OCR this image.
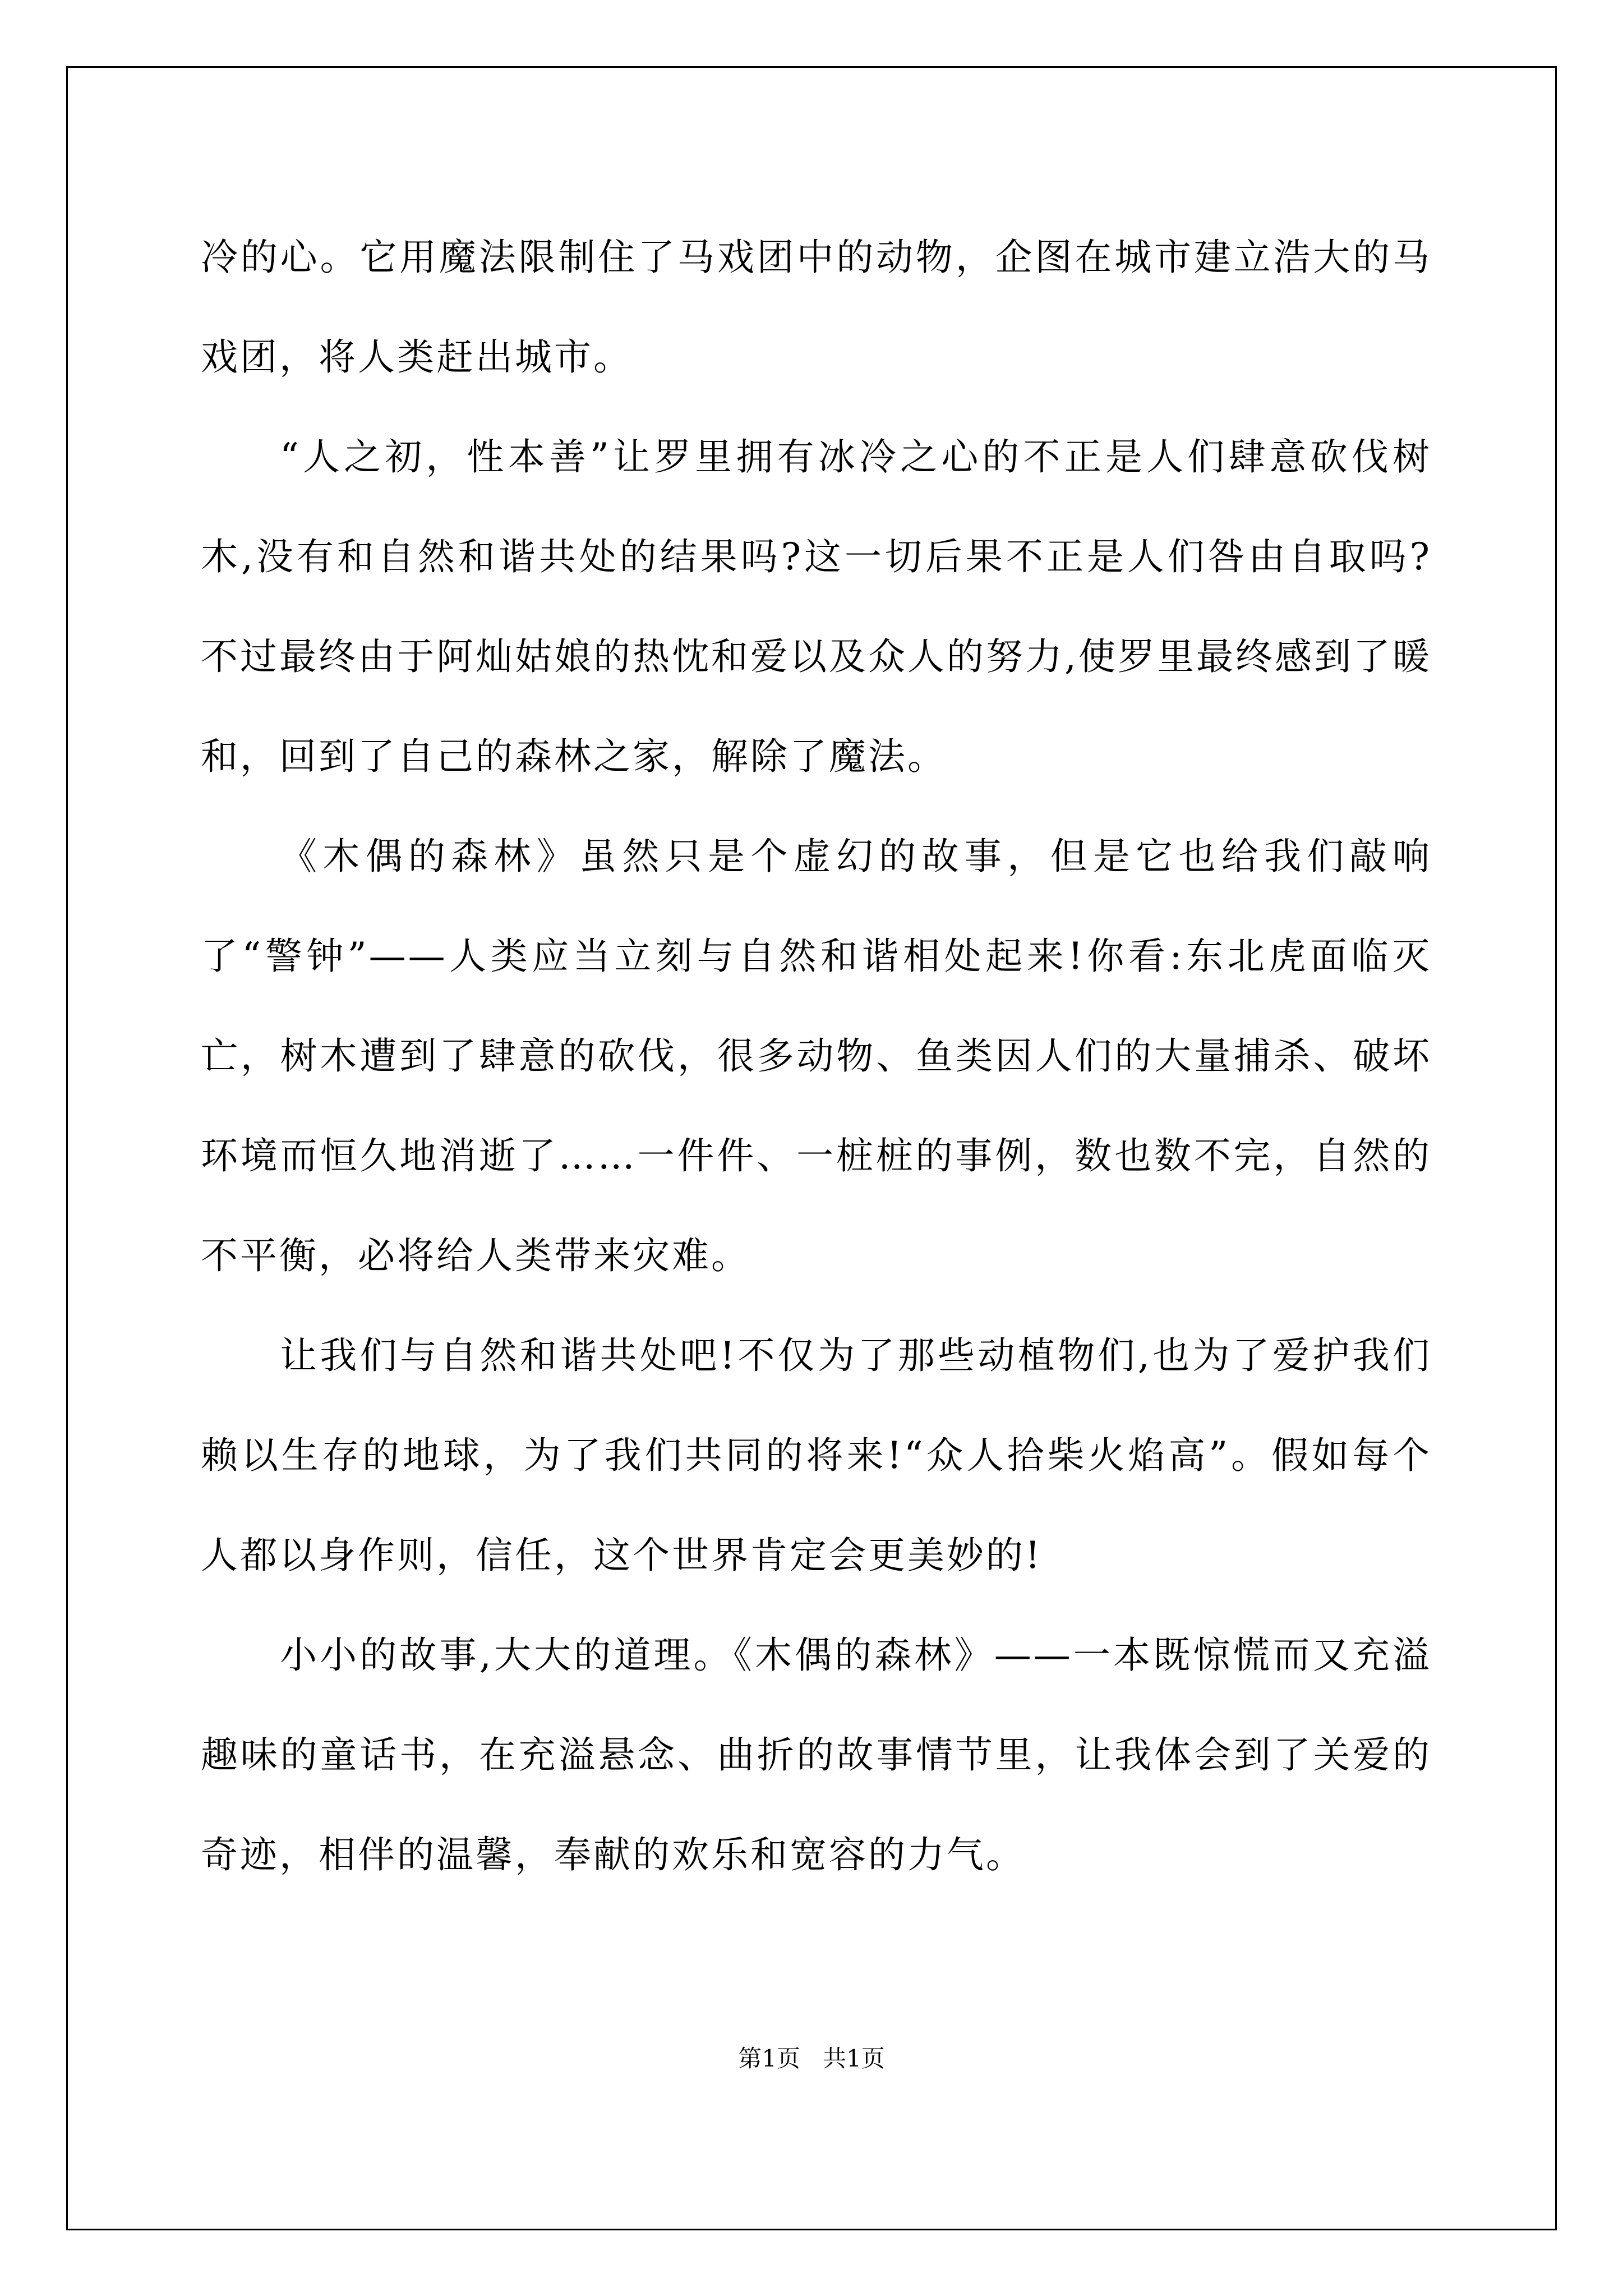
冷的心。它用魔法限制住了马戏团中的动物，企图在城市建立浩大的马戏团，将人类赶出城市。

“人之初，性本善”让罗里拥有冰冷之心的不正是人们肆意砍伐树木,没有和自然和谐共处的结果吗?这一切后果不正是人们咎由自取吗?不过最终由于阿灿姑娘的热忱和爱以及众人的努力,使罗里最终感到了暖和，回到了自己的森林之家，解除了魔法。

《木偶的森林》虽然只是个虚幻的故事，但是它也给我们敲响了“警钟”——人类应当立刻与自然和谐相处起来!你看:东北虎面临灭亡，树木遭到了肆意的砍伐，很多动物、鱼类因人们的大量捕杀、破坏环境而恒久地消逝了……一件件、一桩桩的事例，数也数不完，自然的不平衡，必将给人类带来灾难。

让我们与自然和谐共处吧!不仅为了那些动植物们,也为了爱护我们赖以生存的地球，为了我们共同的将来!“众人拾柴火焰高”。假如每个人都以身作则，信任，这个世界肯定会更美妙的!

小小的故事,大大的道理。《木偶的森林》——一本既惊慌而又充溢趣味的童话书，在充溢悬念、曲折的故事情节里，让我体会到了关爱的奇迹，相伴的温馨，奉献的欢乐和宽容的力气。

第1页 共1页
